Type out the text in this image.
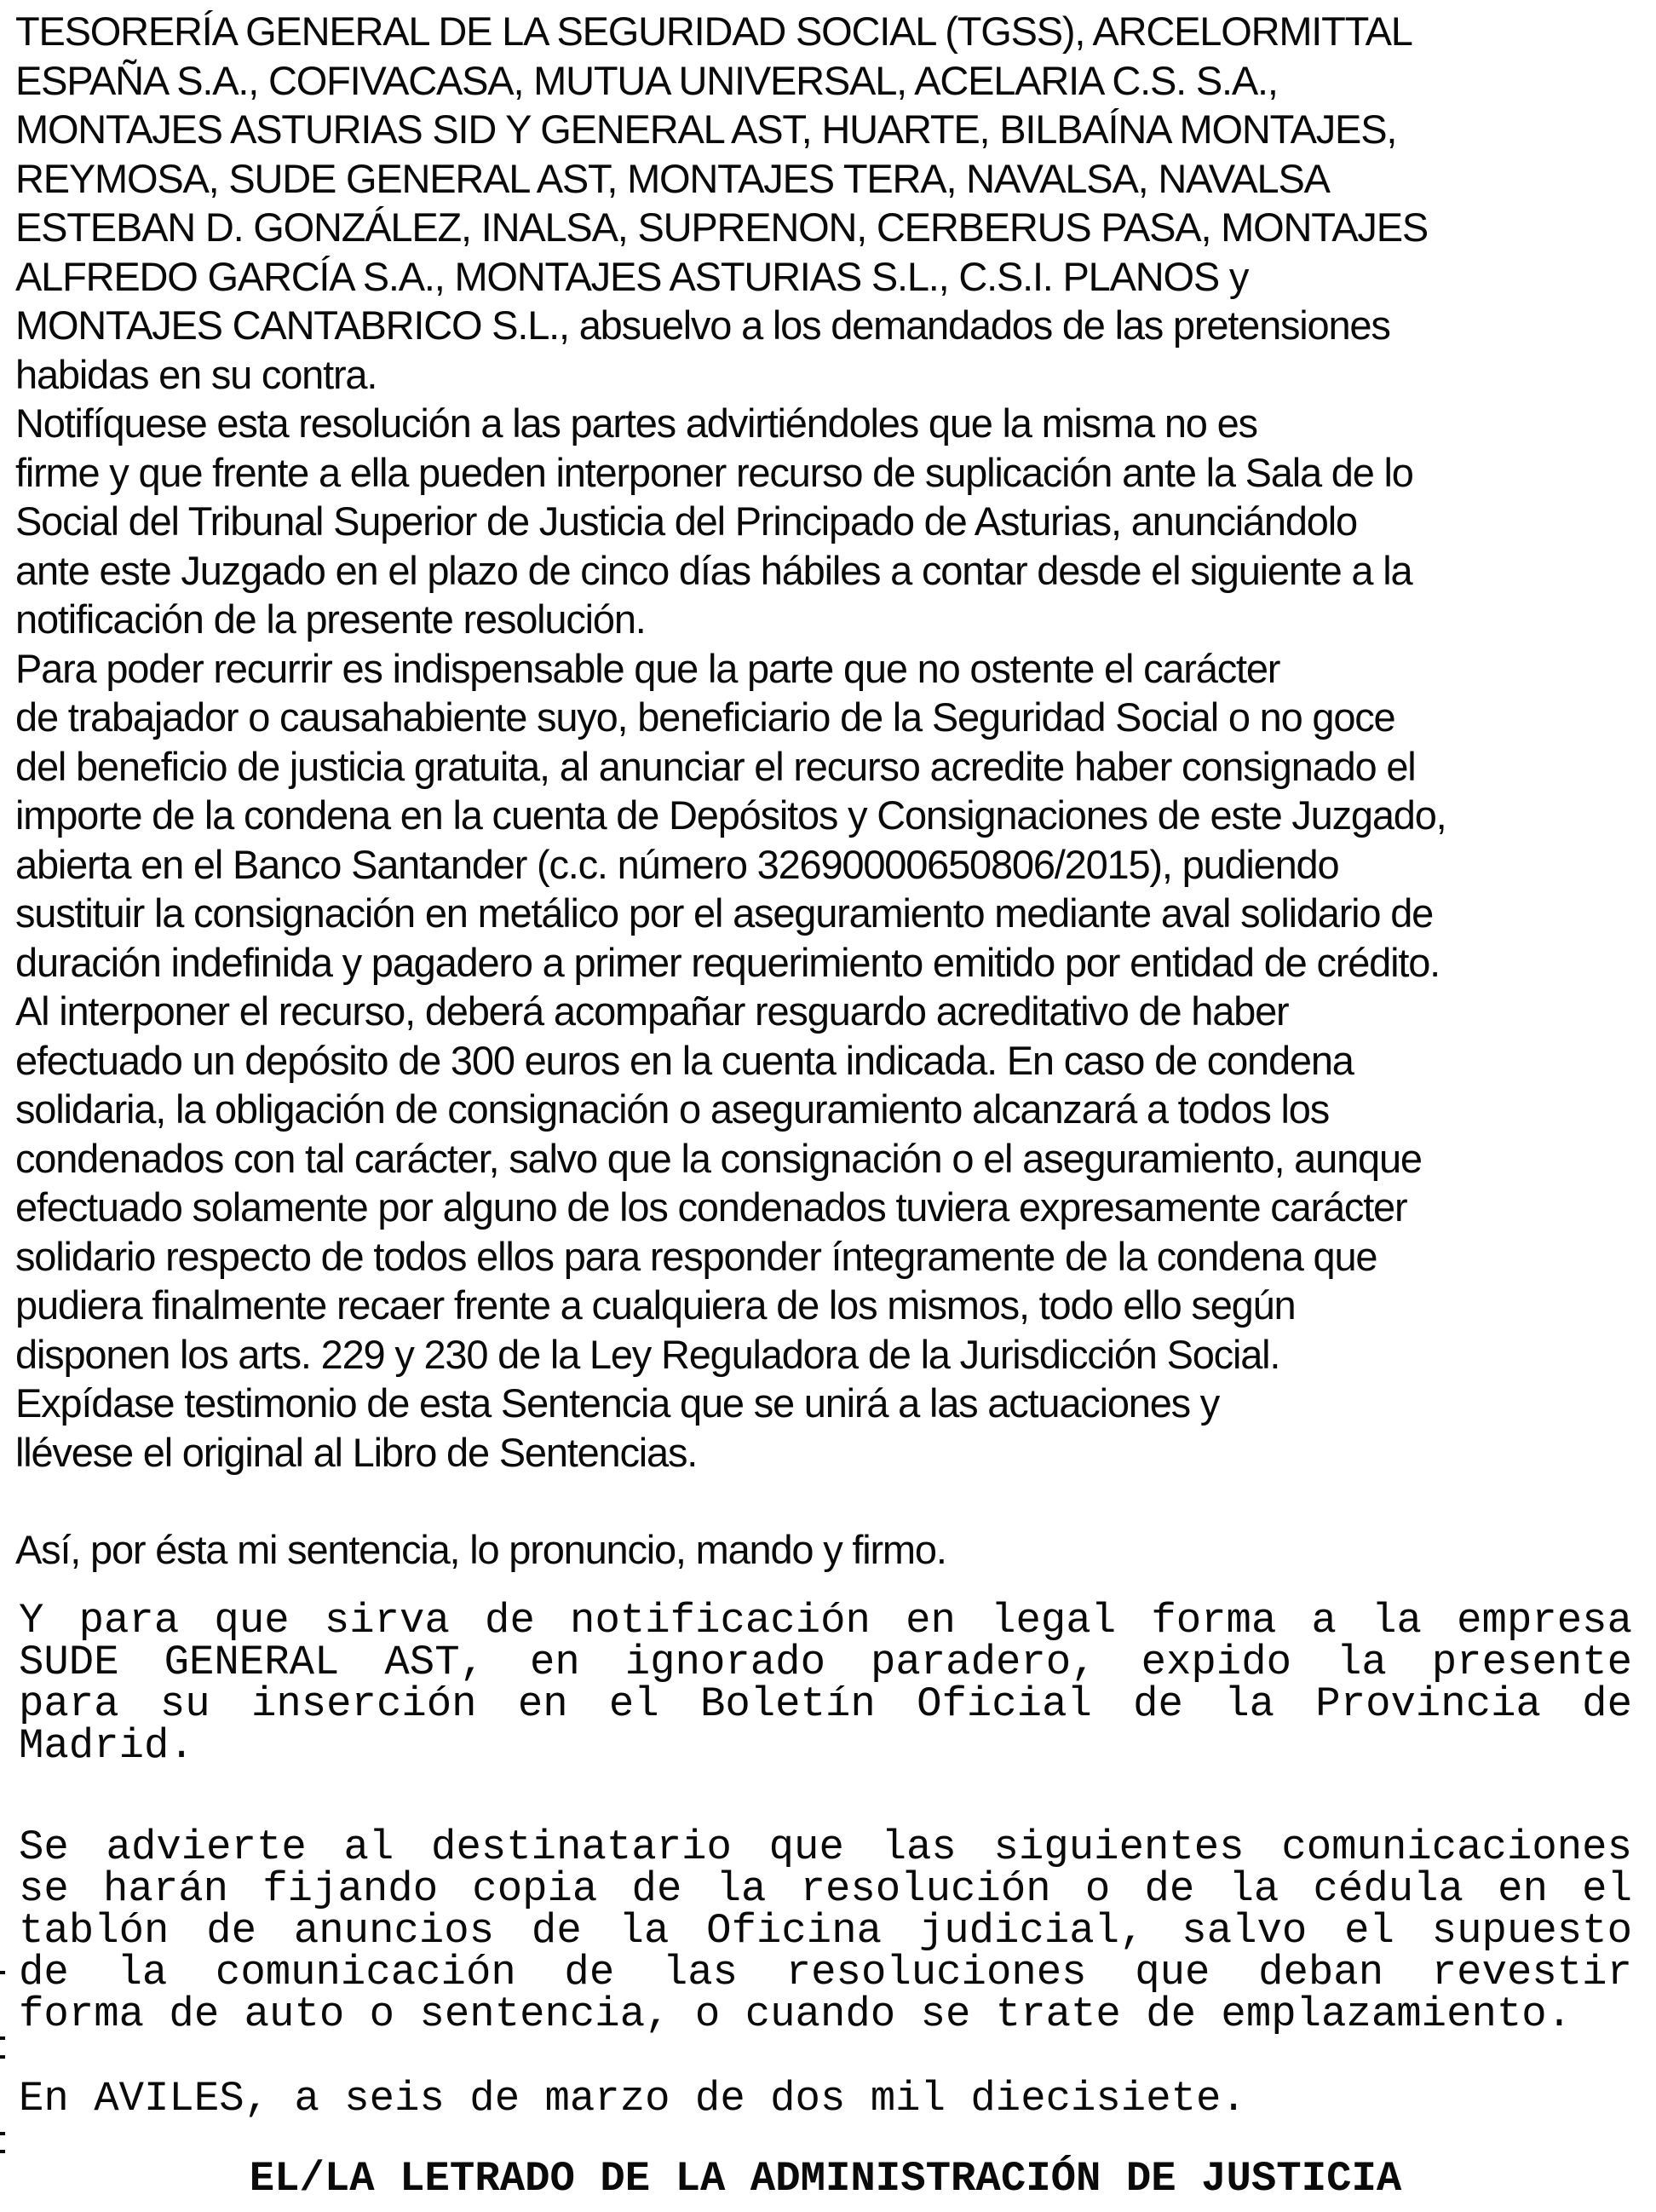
TESORERÍA GENERAL DE LA SEGURIDAD SOCIAL (TGSS), ARCELORMITTAL
ESPAÑA S.A., COFIVACASA, MUTUA UNIVERSAL, ACELARIA C.S. S.A.,
MONTAJES ASTURIAS SID Y GENERAL AST, HUARTE, BILBAÍNA MONTAJES,
REYMOSA, SUDE GENERAL AST, MONTAJES TERA, NAVALSA, NAVALSA
ESTEBAN D. GONZÁLEZ, INALSA, SUPRENON, CERBERUS PASA, MONTAJES
ALFREDO GARCÍA S.A., MONTAJES ASTURIAS S.L., C.S.I. PLANOS y
MONTAJES CANTABRICO S.L., absuelvo a los demandados de las pretensiones
habidas en su contra.
Notifíquese esta resolución a las partes advirtiéndoles que la misma no es
firme y que frente a ella pueden interponer recurso de suplicación ante la Sala de lo
Social del Tribunal Superior de Justicia del Principado de Asturias, anunciándolo
ante este Juzgado en el plazo de cinco días hábiles a contar desde el siguiente a la
notificación de la presente resolución.
Para poder recurrir es indispensable que la parte que no ostente el carácter
de trabajador o causahabiente suyo, beneficiario de la Seguridad Social o no goce
del beneficio de justicia gratuita, al anunciar el recurso acredite haber consignado el
importe de la condena en la cuenta de Depósitos y Consignaciones de este Juzgado,
abierta en el Banco Santander (c.c. número 32690000650806/2015), pudiendo
sustituir la consignación en metálico por el aseguramiento mediante aval solidario de
duración indefinida y pagadero a primer requerimiento emitido por entidad de crédito.
Al interponer el recurso, deberá acompañar resguardo acreditativo de haber
efectuado un depósito de 300 euros en la cuenta indicada. En caso de condena
solidaria, la obligación de consignación o aseguramiento alcanzará a todos los
condenados con tal carácter, salvo que la consignación o el aseguramiento, aunque
efectuado solamente por alguno de los condenados tuviera expresamente carácter
solidario respecto de todos ellos para responder íntegramente de la condena que
pudiera finalmente recaer frente a cualquiera de los mismos, todo ello según
disponen los arts. 229 y 230 de la Ley Reguladora de la Jurisdicción Social.
Expídase testimonio de esta Sentencia que se unirá a las actuaciones y
llévese el original al Libro de Sentencias.
Así, por ésta mi sentencia, lo pronuncio, mando y firmo.
Y para que sirva de notificación en legal forma a la empresa
SUDE GENERAL AST, en ignorado paradero, expido la presente
para su inserción en el Boletín Oficial de la Provincia de
Madrid.
Se advierte al destinatario que las siguientes comunicaciones
se harán fijando copia de la resolución o de la cédula en el
tablón de anuncios de la Oficina judicial, salvo el supuesto
de la comunicación de las resoluciones que deban revestir
forma de auto o sentencia, o cuando se trate de emplazamiento.
En AVILES, a seis de marzo de dos mil diecisiete.
EL/LA LETRADO DE LA ADMINISTRACIÓN DE JUSTICIA
